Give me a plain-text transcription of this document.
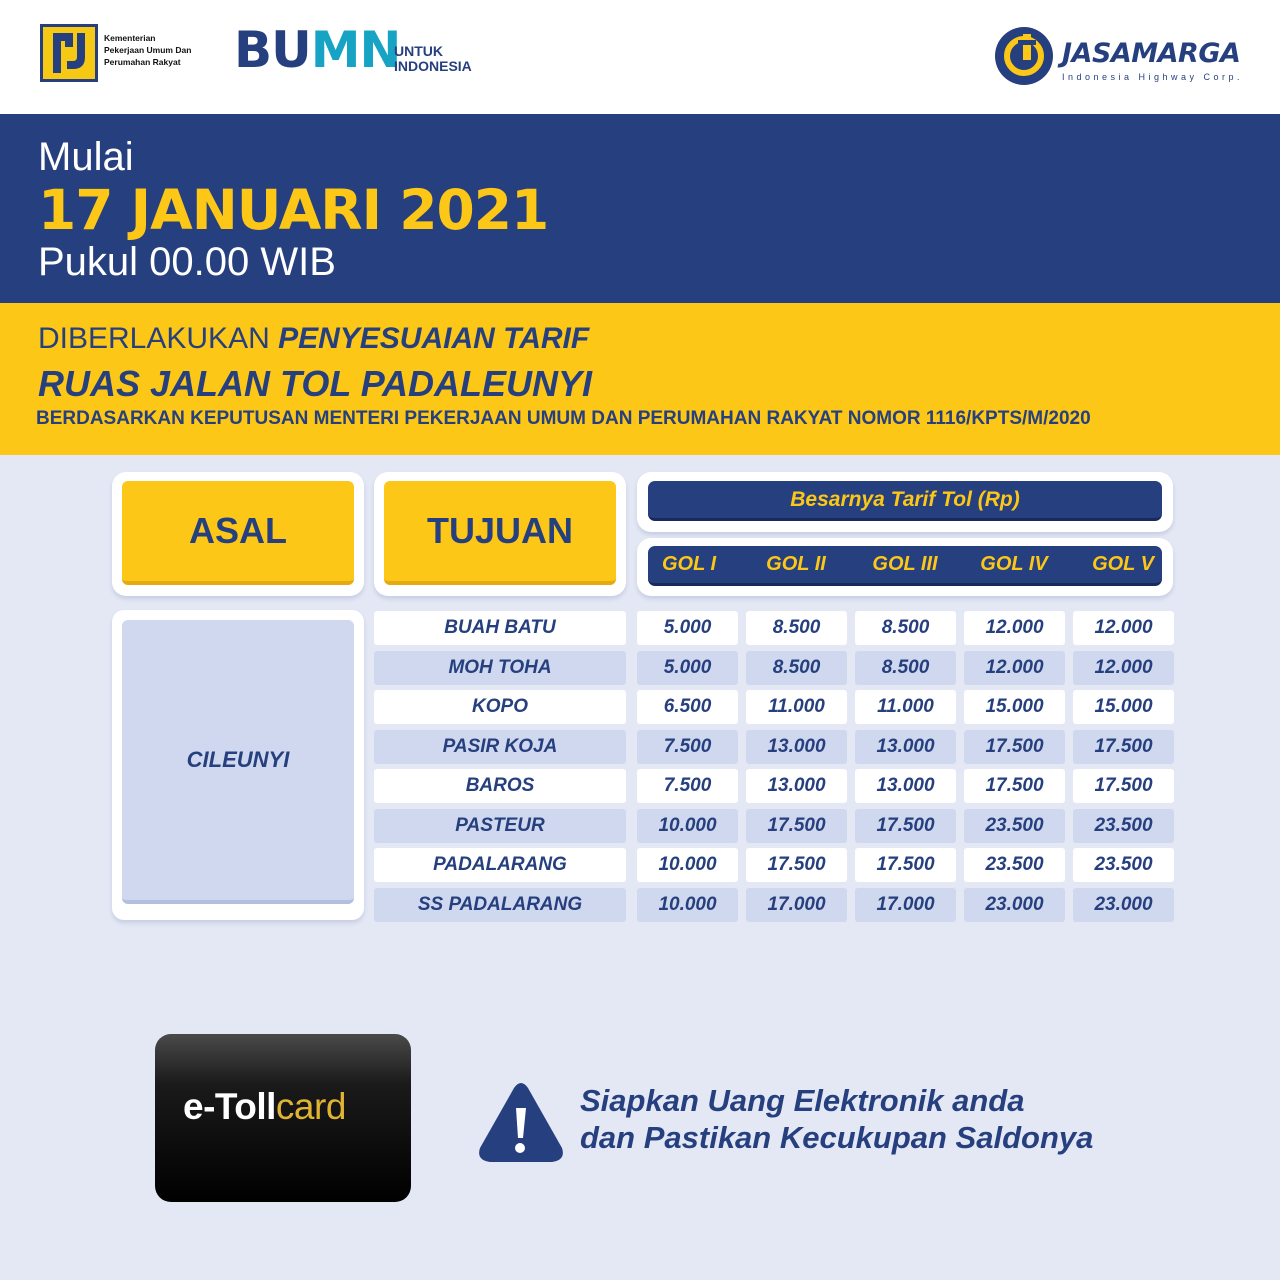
Kementerian
Pekerjaan Umum Dan
Perumahan Rakyat	BUMN
UNTUK
INDONESIA	JASAMARGA
Indonesia Highway Corp.
Mulai
17 JANUARI 2021
Pukul 00.00 WIB
DIBERLAKUKAN PENYESUAIAN TARIF
RUAS JALAN TOL PADALEUNYI
BERDASARKAN KEPUTUSAN MENTERI PEKERJAAN UMUM DAN PERUMAHAN RAKYAT NOMOR 1116/KPTS/M/2020
ASAL	TUJUAN
Besarnya Tarif Tol (Rp)
GOL I	GOL II	GOL III	GOL IV	GOL V
CILEUNYI
BUAH BATU	5.000	8.500	8.500	12.000	12.000
MOH TOHA	5.000	8.500	8.500	12.000	12.000
KOPO	6.500	11.000	11.000	15.000	15.000
PASIR KOJA	7.500	13.000	13.000	17.500	17.500
BAROS	7.500	13.000	13.000	17.500	17.500
PASTEUR	10.000	17.500	17.500	23.500	23.500
PADALARANG	10.000	17.500	17.500	23.500	23.500
SS PADALARANG	10.000	17.000	17.000	23.000	23.000
e-Tollcard	Siapkan Uang Elektronik anda
dan Pastikan Kecukupan Saldonya
